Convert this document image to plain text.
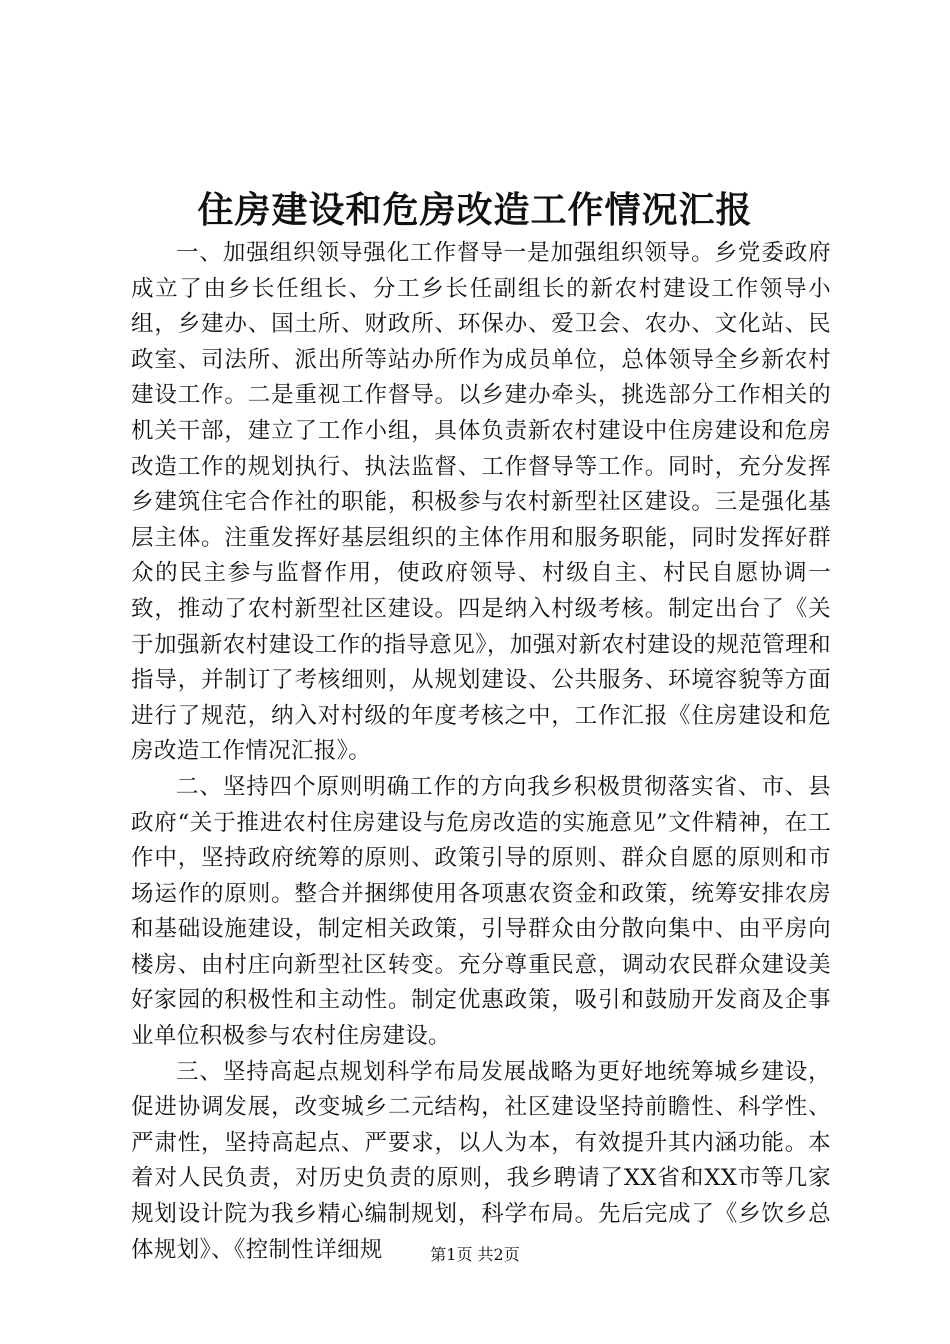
住房建设和危房改造工作情况汇报

一、加强组织领导强化工作督导一是加强组织领导。乡党委政府成立了由乡长任组长、分工乡长任副组长的新农村建设工作领导小组，乡建办、国土所、财政所、环保办、爱卫会、农办、文化站、民政室、司法所、派出所等站办所作为成员单位，总体领导全乡新农村建设工作。二是重视工作督导。以乡建办牵头，挑选部分工作相关的机关干部，建立了工作小组，具体负责新农村建设中住房建设和危房改造工作的规划执行、执法监督、工作督导等工作。同时，充分发挥乡建筑住宅合作社的职能，积极参与农村新型社区建设。三是强化基层主体。注重发挥好基层组织的主体作用和服务职能，同时发挥好群众的民主参与监督作用，使政府领导、村级自主、村民自愿协调一致，推动了农村新型社区建设。四是纳入村级考核。制定出台了《关于加强新农村建设工作的指导意见》，加强对新农村建设的规范管理和指导，并制订了考核细则，从规划建设、公共服务、环境容貌等方面进行了规范，纳入对村级的年度考核之中，工作汇报《住房建设和危房改造工作情况汇报》。

二、坚持四个原则明确工作的方向我乡积极贯彻落实省、市、县政府“关于推进农村住房建设与危房改造的实施意见”文件精神，在工作中，坚持政府统筹的原则、政策引导的原则、群众自愿的原则和市场运作的原则。整合并捆绑使用各项惠农资金和政策，统筹安排农房和基础设施建设，制定相关政策，引导群众由分散向集中、由平房向楼房、由村庄向新型社区转变。充分尊重民意，调动农民群众建设美好家园的积极性和主动性。制定优惠政策，吸引和鼓励开发商及企事业单位积极参与农村住房建设。

三、坚持高起点规划科学布局发展战略为更好地统筹城乡建设，促进协调发展，改变城乡二元结构，社区建设坚持前瞻性、科学性、严肃性，坚持高起点、严要求，以人为本，有效提升其内涵功能。本着对人民负责，对历史负责的原则，我乡聘请了XX省和XX市等几家规划设计院为我乡精心编制规划，科学布局。先后完成了《乡饮乡总体规划》、《控制性详细规	第1页 共2页
